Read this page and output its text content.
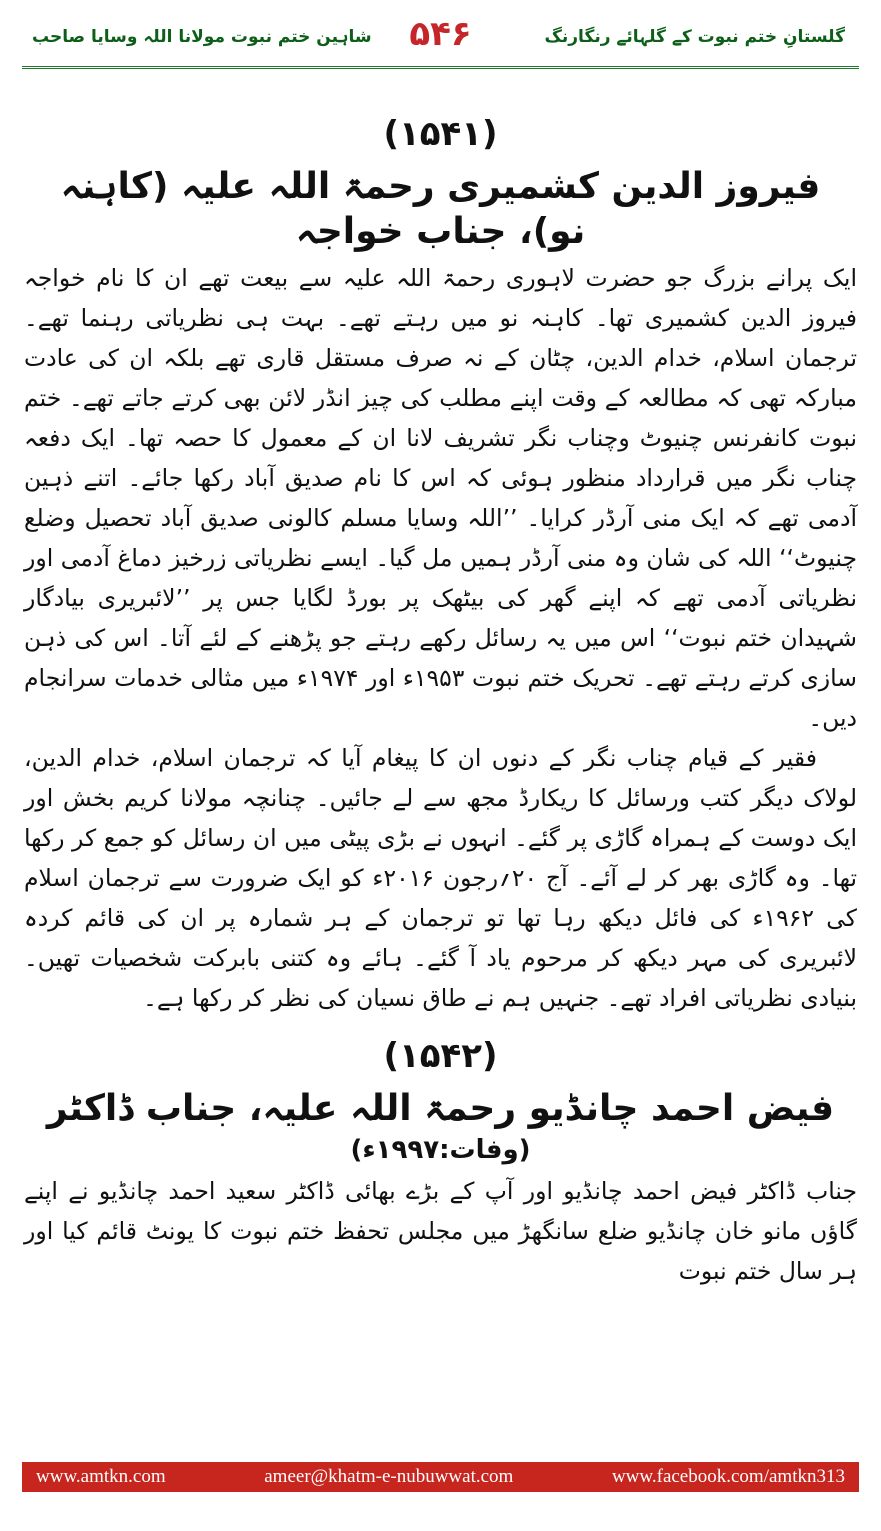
شاہین ختم نبوت مولانا اللہ وسایا صاحب	۵۴۶	گلستانِ ختم نبوت کے گلہائے رنگارنگ
(۱۵۴۱)
فیروز الدین کشمیری رحمۃ اللہ علیہ (کاہنہ نو)، جناب خواجہ

ایک پرانے بزرگ جو حضرت لاہوری رحمۃ اللہ علیہ سے بیعت تھے ان کا نام خواجہ فیروز الدین کشمیری تھا۔ کاہنہ نو میں رہتے تھے۔ بہت ہی نظریاتی رہنما تھے۔ ترجمان اسلام، خدام الدین، چٹان کے نہ صرف مستقل قاری تھے بلکہ ان کی عادت مبارکہ تھی کہ مطالعہ کے وقت اپنے مطلب کی چیز انڈر لائن بھی کرتے جاتے تھے۔ ختم نبوت کانفرنس چنیوٹ وچناب نگر تشریف لانا ان کے معمول کا حصہ تھا۔ ایک دفعہ چناب نگر میں قرارداد منظور ہوئی کہ اس کا نام صدیق آباد رکھا جائے۔ اتنے ذہین آدمی تھے کہ ایک منی آرڈر کرایا۔ ’’اللہ وسایا مسلم کالونی صدیق آباد تحصیل وضلع چنیوٹ‘‘ اللہ کی شان وہ منی آرڈر ہمیں مل گیا۔ ایسے نظریاتی زرخیز دماغ آدمی اور نظریاتی آدمی تھے کہ اپنے گھر کی بیٹھک پر بورڈ لگایا جس پر ’’لائبریری بیادگار شہیدان ختم نبوت‘‘ اس میں یہ رسائل رکھے رہتے جو پڑھنے کے لئے آتا۔ اس کی ذہن سازی کرتے رہتے تھے۔ تحریک ختم نبوت ۱۹۵۳ء اور ۱۹۷۴ء میں مثالی خدمات سرانجام دیں۔

فقیر کے قیام چناب نگر کے دنوں ان کا پیغام آیا کہ ترجمان اسلام، خدام الدین، لولاک دیگر کتب ورسائل کا ریکارڈ مجھ سے لے جائیں۔ چنانچہ مولانا کریم بخش اور ایک دوست کے ہمراہ گاڑی پر گئے۔ انہوں نے بڑی پیٹی میں ان رسائل کو جمع کر رکھا تھا۔ وہ گاڑی بھر کر لے آئے۔ آج ۲۰؍رجون ۲۰۱۶ء کو ایک ضرورت سے ترجمان اسلام کی ۱۹۶۲ء کی فائل دیکھ رہا تھا تو ترجمان کے ہر شمارہ پر ان کی قائم کردہ لائبریری کی مہر دیکھ کر مرحوم یاد آ گئے۔ ہائے وہ کتنی بابرکت شخصیات تھیں۔ بنیادی نظریاتی افراد تھے۔ جنہیں ہم نے طاق نسیان کی نظر کر رکھا ہے۔

(۱۵۴۲)
فیض احمد چانڈیو رحمۃ اللہ علیہ، جناب ڈاکٹر
(وفات:۱۹۹۷ء)

جناب ڈاکٹر فیض احمد چانڈیو اور آپ کے بڑے بھائی ڈاکٹر سعید احمد چانڈیو نے اپنے گاؤں مانو خان چانڈیو ضلع سانگھڑ میں مجلس تحفظ ختم نبوت کا یونٹ قائم کیا اور ہر سال ختم نبوت

www.amtkn.com	ameer@khatm-e-nubuwwat.com	www.facebook.com/amtkn313
